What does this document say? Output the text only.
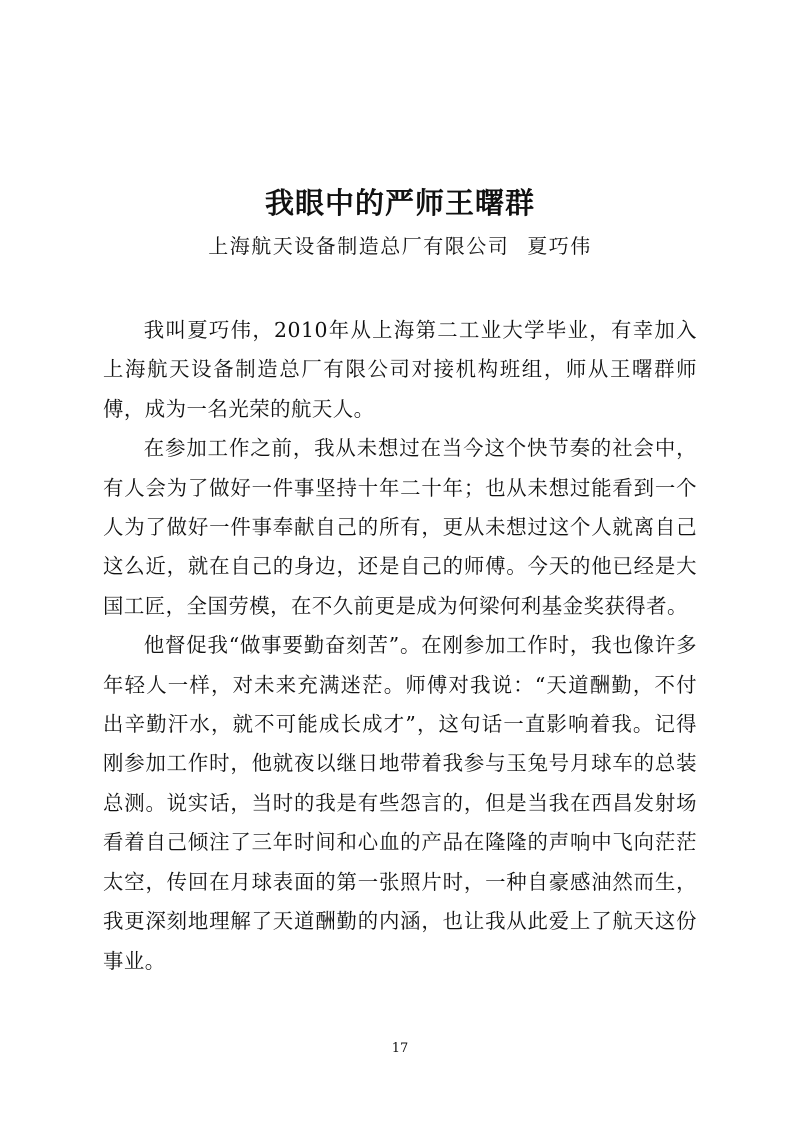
我眼中的严师王曙群
上海航天设备制造总厂有限公司 夏巧伟

我叫夏巧伟，2010年从上海第二工业大学毕业，有幸加入上海航天设备制造总厂有限公司对接机构班组，师从王曙群师傅，成为一名光荣的航天人。

在参加工作之前，我从未想过在当今这个快节奏的社会中，有人会为了做好一件事坚持十年二十年；也从未想过能看到一个人为了做好一件事奉献自己的所有，更从未想过这个人就离自己这么近，就在自己的身边，还是自己的师傅。今天的他已经是大国工匠，全国劳模，在不久前更是成为何梁何利基金奖获得者。

他督促我“做事要勤奋刻苦”。在刚参加工作时，我也像许多年轻人一样，对未来充满迷茫。师傅对我说：“天道酬勤，不付出辛勤汗水，就不可能成长成才”，这句话一直影响着我。记得刚参加工作时，他就夜以继日地带着我参与玉兔号月球车的总装总测。说实话，当时的我是有些怨言的，但是当我在西昌发射场看着自己倾注了三年时间和心血的产品在隆隆的声响中飞向茫茫太空，传回在月球表面的第一张照片时，一种自豪感油然而生，我更深刻地理解了天道酬勤的内涵，也让我从此爱上了航天这份事业。

17
